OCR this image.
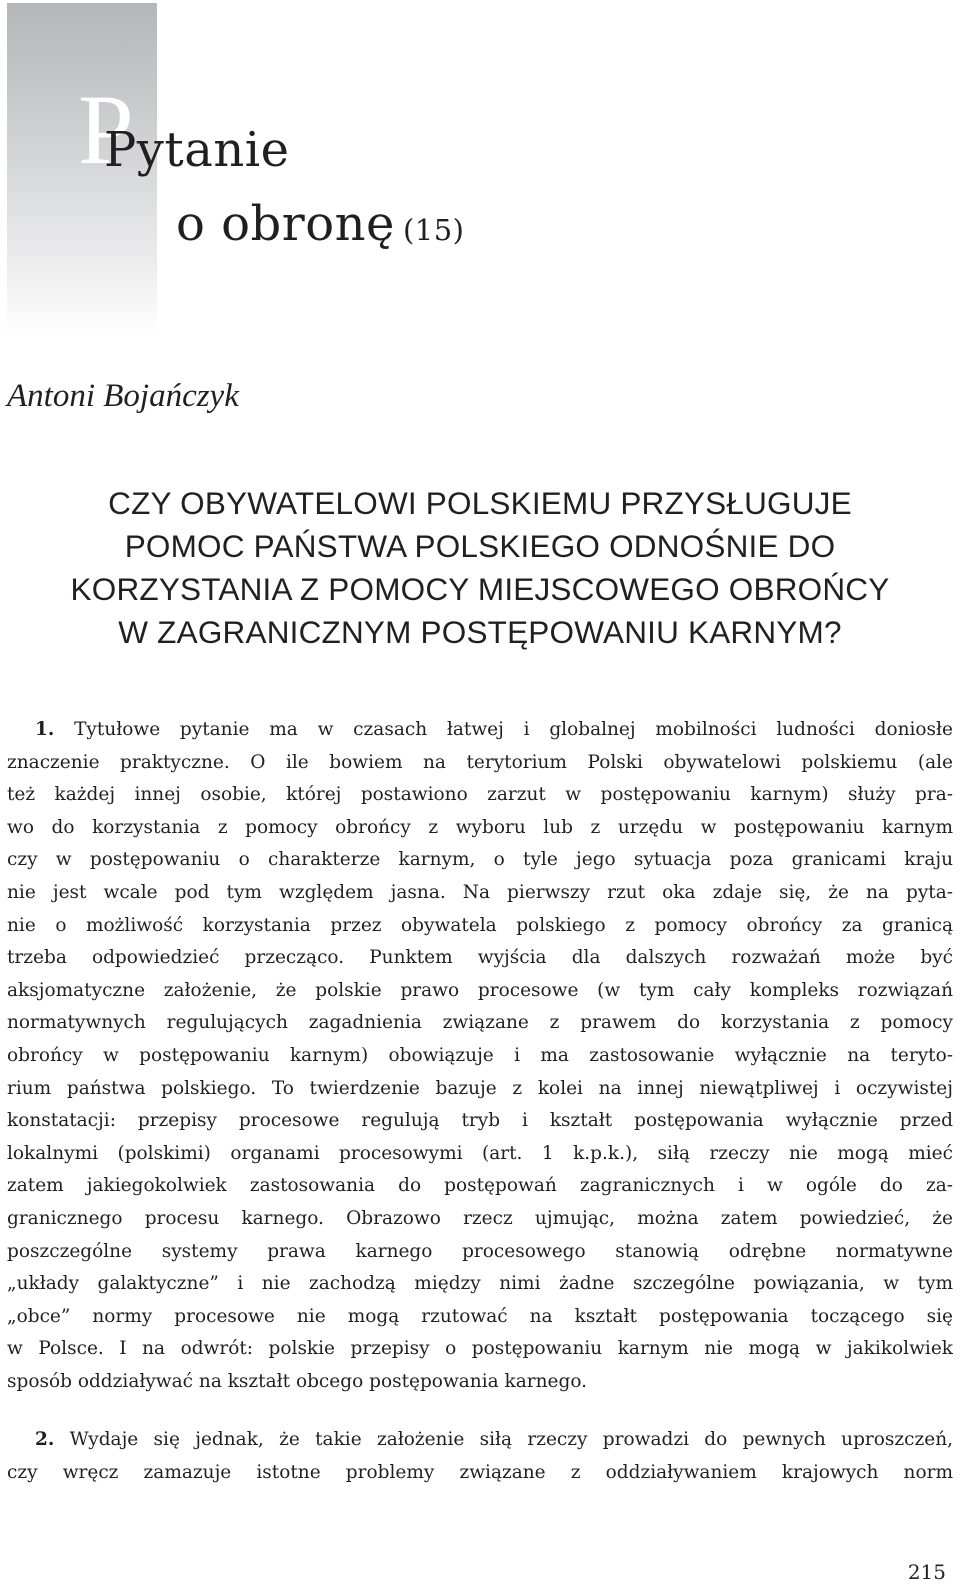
P
Pytanie
o obronę (15)
Antoni Bojańczyk
CZY OBYWATELOWI POLSKIEMU PRZYSŁUGUJE
POMOC PAŃSTWA POLSKIEGO ODNOŚNIE DO
KORZYSTANIA Z POMOCY MIEJSCOWEGO OBROŃCY
W ZAGRANICZNYM POSTĘPOWANIU KARNYM?
1. Tytułowe pytanie ma w czasach łatwej i globalnej mobilności ludności doniosłe
znaczenie praktyczne. O ile bowiem na terytorium Polski obywatelowi polskiemu (ale
też każdej innej osobie, której postawiono zarzut w postępowaniu karnym) służy pra-
wo do korzystania z pomocy obrońcy z wyboru lub z urzędu w postępowaniu karnym
czy w postępowaniu o charakterze karnym, o tyle jego sytuacja poza granicami kraju
nie jest wcale pod tym względem jasna. Na pierwszy rzut oka zdaje się, że na pyta-
nie o możliwość korzystania przez obywatela polskiego z pomocy obrońcy za granicą
trzeba odpowiedzieć przecząco. Punktem wyjścia dla dalszych rozważań może być
aksjomatyczne założenie, że polskie prawo procesowe (w tym cały kompleks rozwiązań
normatywnych regulujących zagadnienia związane z prawem do korzystania z pomocy
obrońcy w postępowaniu karnym) obowiązuje i ma zastosowanie wyłącznie na teryto-
rium państwa polskiego. To twierdzenie bazuje z kolei na innej niewątpliwej i oczywistej
konstatacji: przepisy procesowe regulują tryb i kształt postępowania wyłącznie przed
lokalnymi (polskimi) organami procesowymi (art. 1 k.p.k.), siłą rzeczy nie mogą mieć
zatem jakiegokolwiek zastosowania do postępowań zagranicznych i w ogóle do za-
granicznego procesu karnego. Obrazowo rzecz ujmując, można zatem powiedzieć, że
poszczególne systemy prawa karnego procesowego stanowią odrębne normatywne
„układy galaktyczne” i nie zachodzą między nimi żadne szczególne powiązania, w tym
„obce” normy procesowe nie mogą rzutować na kształt postępowania toczącego się
w Polsce. I na odwrót: polskie przepisy o postępowaniu karnym nie mogą w jakikolwiek
sposób oddziaływać na kształt obcego postępowania karnego.
2. Wydaje się jednak, że takie założenie siłą rzeczy prowadzi do pewnych uproszczeń,
czy wręcz zamazuje istotne problemy związane z oddziaływaniem krajowych norm
215
